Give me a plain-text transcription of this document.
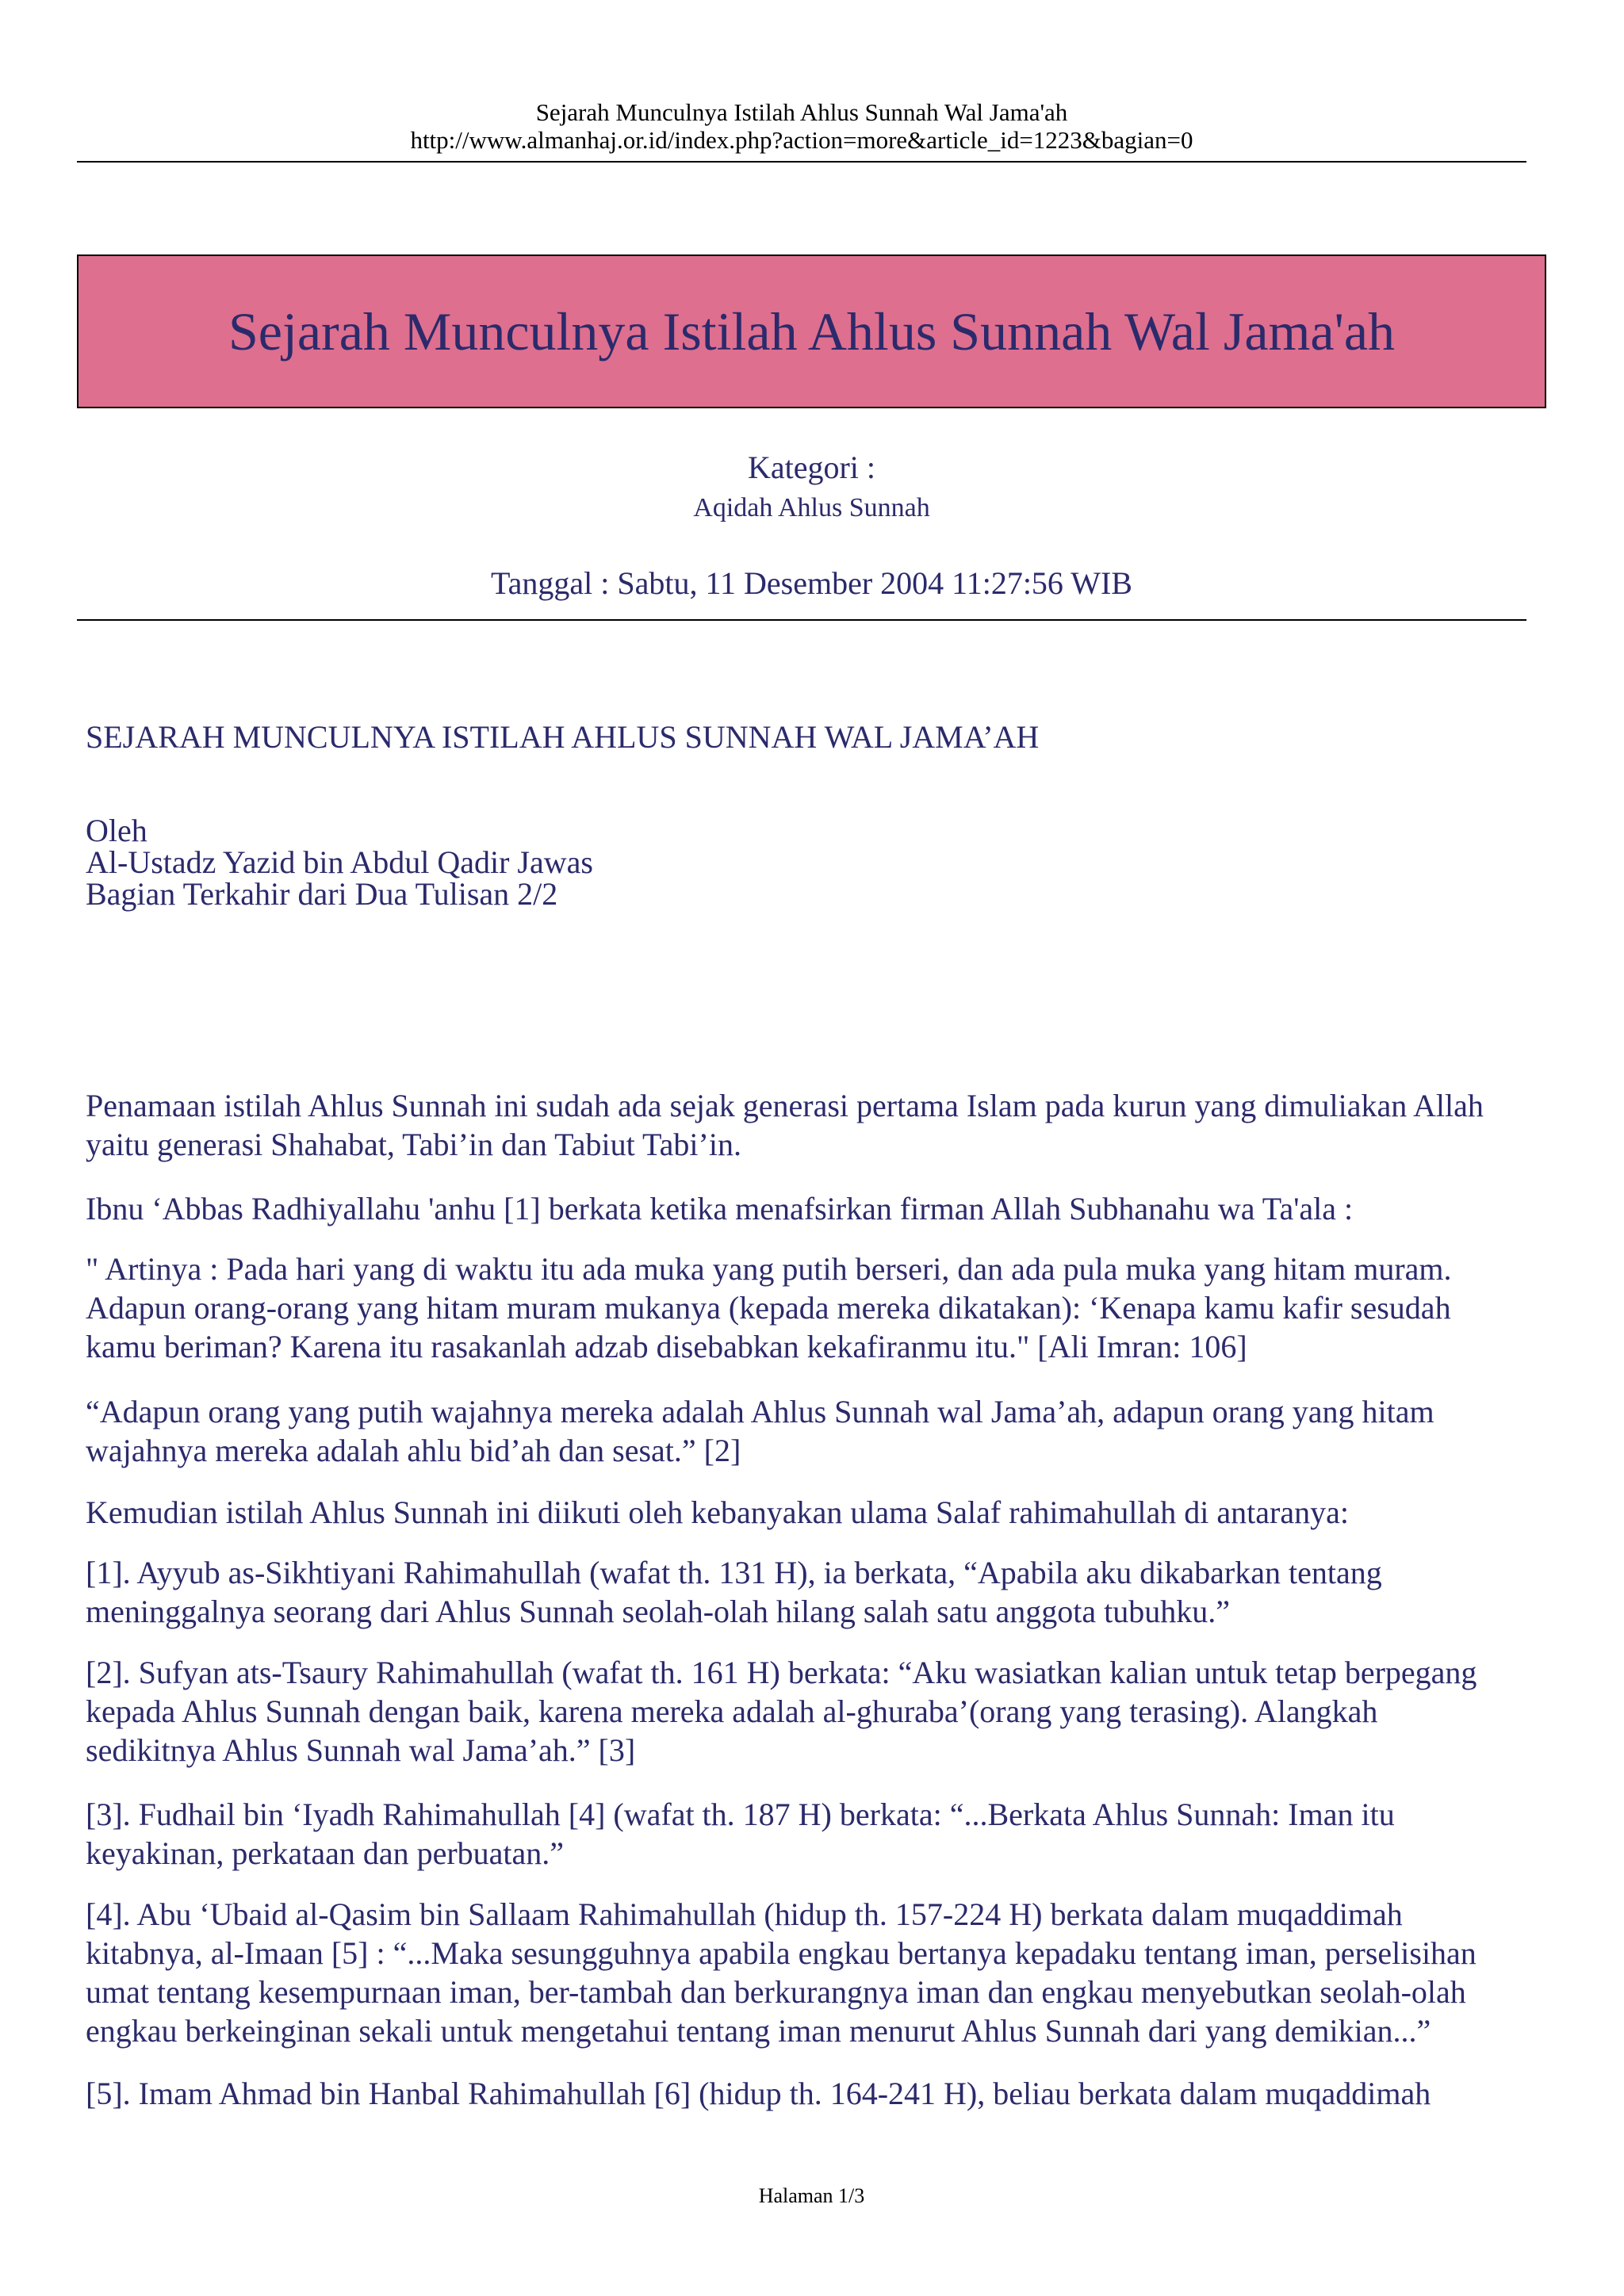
Sejarah Munculnya Istilah Ahlus Sunnah Wal Jama'ah
http://www.almanhaj.or.id/index.php?action=more&article_id=1223&bagian=0
Sejarah Munculnya Istilah Ahlus Sunnah Wal Jama'ah
Kategori :
Aqidah Ahlus Sunnah
Tanggal : Sabtu, 11 Desember 2004 11:27:56 WIB
SEJARAH MUNCULNYA ISTILAH AHLUS SUNNAH WAL JAMA’AH
Oleh
Al-Ustadz Yazid bin Abdul Qadir Jawas
Bagian Terkahir dari Dua Tulisan 2/2
Penamaan istilah Ahlus Sunnah ini sudah ada sejak generasi pertama Islam pada kurun yang dimuliakan Allah
yaitu generasi Shahabat, Tabi’in dan Tabiut Tabi’in.
Ibnu ‘Abbas Radhiyallahu 'anhu [1] berkata ketika menafsirkan firman Allah Subhanahu wa Ta'ala :
" Artinya : Pada hari yang di waktu itu ada muka yang putih berseri, dan ada pula muka yang hitam muram.
Adapun orang-orang yang hitam muram mukanya (kepada mereka dikatakan): ‘Kenapa kamu kafir sesudah
kamu beriman? Karena itu rasakanlah adzab disebabkan kekafiranmu itu." [Ali Imran: 106]
“Adapun orang yang putih wajahnya mereka adalah Ahlus Sunnah wal Jama’ah, adapun orang yang hitam
wajahnya mereka adalah ahlu bid’ah dan sesat.” [2]
Kemudian istilah Ahlus Sunnah ini diikuti oleh kebanyakan ulama Salaf rahimahullah di antaranya:
[1]. Ayyub as-Sikhtiyani Rahimahullah (wafat th. 131 H), ia berkata, “Apabila aku dikabarkan tentang
meninggalnya seorang dari Ahlus Sunnah seolah-olah hilang salah satu anggota tubuhku.”
[2]. Sufyan ats-Tsaury Rahimahullah (wafat th. 161 H) berkata: “Aku wasiatkan kalian untuk tetap berpegang
kepada Ahlus Sunnah dengan baik, karena mereka adalah al-ghuraba’(orang yang terasing). Alangkah
sedikitnya Ahlus Sunnah wal Jama’ah.” [3]
[3]. Fudhail bin ‘Iyadh Rahimahullah [4] (wafat th. 187 H) berkata: “...Berkata Ahlus Sunnah: Iman itu
keyakinan, perkataan dan perbuatan.”
[4]. Abu ‘Ubaid al-Qasim bin Sallaam Rahimahullah (hidup th. 157-224 H) berkata dalam muqaddimah
kitabnya, al-Imaan [5] : “...Maka sesungguhnya apabila engkau bertanya kepadaku tentang iman, perselisihan
umat tentang kesempurnaan iman, ber-tambah dan berkurangnya iman dan engkau menyebutkan seolah-olah
engkau berkeinginan sekali untuk mengetahui tentang iman menurut Ahlus Sunnah dari yang demikian...”
[5]. Imam Ahmad bin Hanbal Rahimahullah [6] (hidup th. 164-241 H), beliau berkata dalam muqaddimah
Halaman 1/3
